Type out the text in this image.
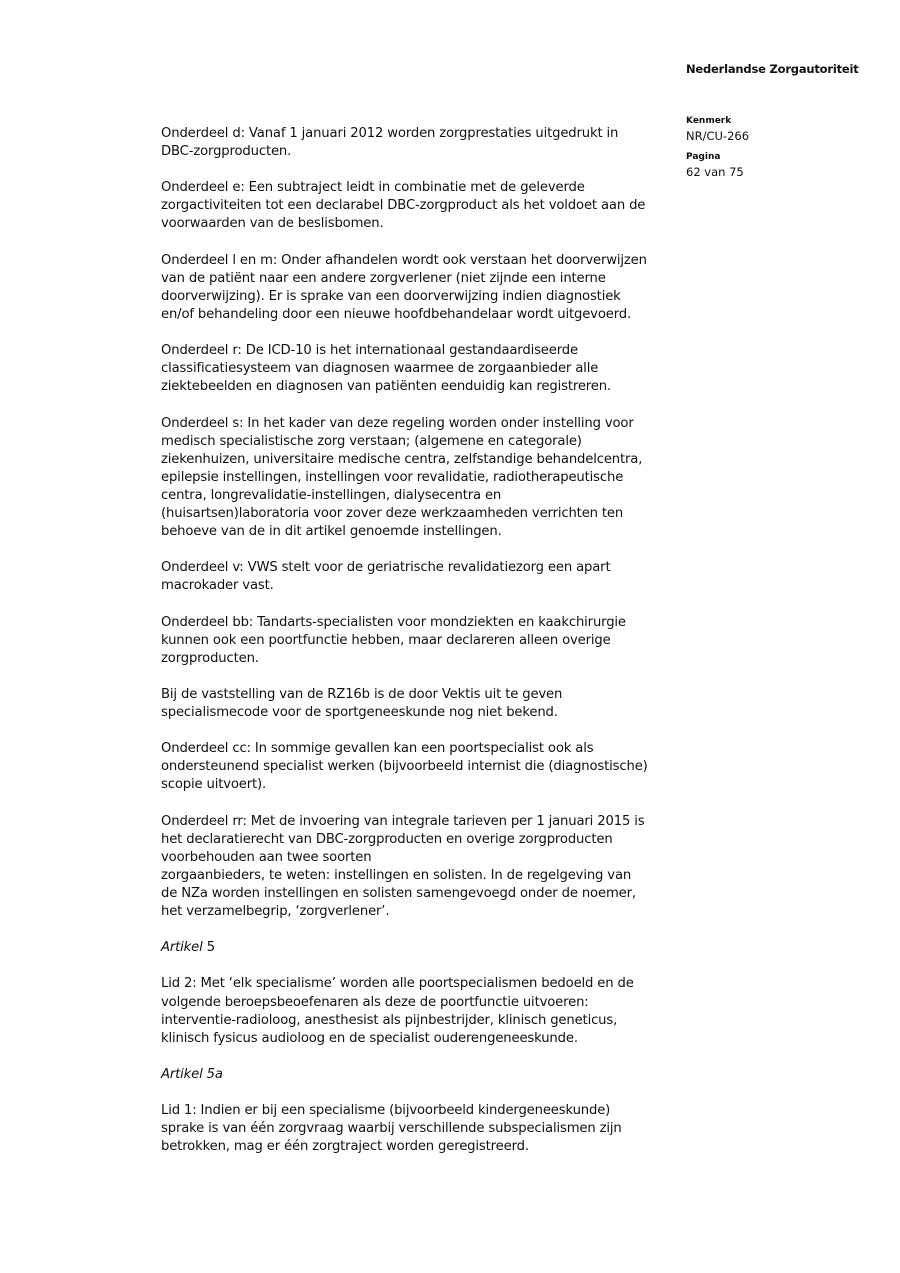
Nederlandse Zorgautoriteit
Kenmerk
NR/CU-266
Pagina
62 van 75

Onderdeel d: Vanaf 1 januari 2012 worden zorgprestaties uitgedrukt in
DBC-zorgproducten.

Onderdeel e: Een subtraject leidt in combinatie met de geleverde
zorgactiviteiten tot een declarabel DBC-zorgproduct als het voldoet aan de
voorwaarden van de beslisbomen.

Onderdeel l en m: Onder afhandelen wordt ook verstaan het doorverwijzen
van de patiënt naar een andere zorgverlener (niet zijnde een interne
doorverwijzing). Er is sprake van een doorverwijzing indien diagnostiek
en/of behandeling door een nieuwe hoofdbehandelaar wordt uitgevoerd.

Onderdeel r: De ICD-10 is het internationaal gestandaardiseerde
classificatiesysteem van diagnosen waarmee de zorgaanbieder alle
ziektebeelden en diagnosen van patiënten eenduidig kan registreren.

Onderdeel s: In het kader van deze regeling worden onder instelling voor
medisch specialistische zorg verstaan; (algemene en categorale)
ziekenhuizen, universitaire medische centra, zelfstandige behandelcentra,
epilepsie instellingen, instellingen voor revalidatie, radiotherapeutische
centra, longrevalidatie-instellingen, dialysecentra en
(huisartsen)laboratoria voor zover deze werkzaamheden verrichten ten
behoeve van de in dit artikel genoemde instellingen.

Onderdeel v: VWS stelt voor de geriatrische revalidatiezorg een apart
macrokader vast.

Onderdeel bb: Tandarts-specialisten voor mondziekten en kaakchirurgie
kunnen ook een poortfunctie hebben, maar declareren alleen overige
zorgproducten.

Bij de vaststelling van de RZ16b is de door Vektis uit te geven
specialismecode voor de sportgeneeskunde nog niet bekend.

Onderdeel cc: In sommige gevallen kan een poortspecialist ook als
ondersteunend specialist werken (bijvoorbeeld internist die (diagnostische)
scopie uitvoert).

Onderdeel rr: Met de invoering van integrale tarieven per 1 januari 2015 is
het declaratierecht van DBC-zorgproducten en overige zorgproducten
voorbehouden aan twee soorten
zorgaanbieders, te weten: instellingen en solisten. In de regelgeving van
de NZa worden instellingen en solisten samengevoegd onder de noemer,
het verzamelbegrip, ‘zorgverlener’.

Artikel 5

Lid 2: Met ‘elk specialisme’ worden alle poortspecialismen bedoeld en de
volgende beroepsbeoefenaren als deze de poortfunctie uitvoeren:
interventie-radioloog, anesthesist als pijnbestrijder, klinisch geneticus,
klinisch fysicus audioloog en de specialist ouderengeneeskunde.

Artikel 5a

Lid 1: Indien er bij een specialisme (bijvoorbeeld kindergeneeskunde)
sprake is van één zorgvraag waarbij verschillende subspecialismen zijn
betrokken, mag er één zorgtraject worden geregistreerd.
